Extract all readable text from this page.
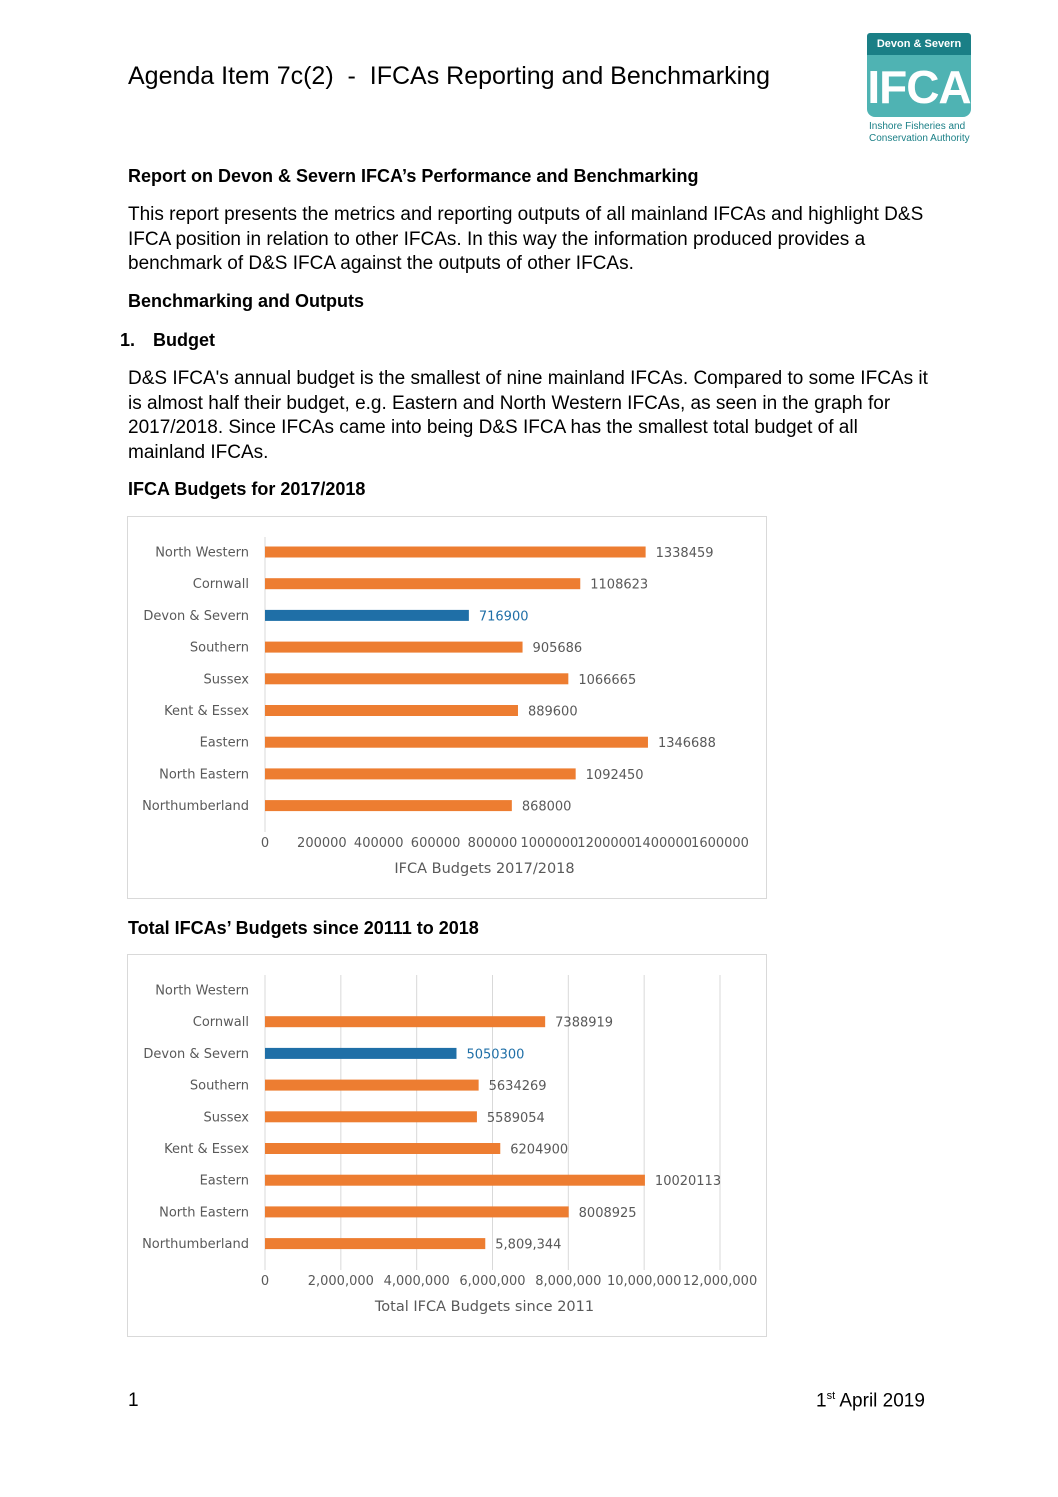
Agenda Item 7c(2)  -  IFCAs Reporting and Benchmarking
Devon & Severn
IFCA
Inshore Fisheries and
Conservation Authority
Report on Devon & Severn IFCA’s Performance and Benchmarking
This report presents the metrics and reporting outputs of all mainland IFCAs and highlight D&S IFCA position in relation to other IFCAs. In this way the information produced provides a benchmark of D&S IFCA against the outputs of other IFCAs.
Benchmarking and Outputs
1. Budget
D&S IFCA's annual budget is the smallest of nine mainland IFCAs. Compared to some IFCAs it is almost half their budget, e.g. Eastern and North Western IFCAs, as seen in the graph for 2017/2018. Since IFCAs came into being D&S IFCA has the smallest total budget of all mainland IFCAs.
IFCA Budgets for 2017/2018
North Western	1338459
Cornwall	1108623
Devon & Severn	716900
Southern	905686
Sussex	1066665
Kent & Essex	889600
Eastern	1346688
North Eastern	1092450
Northumberland	868000
0 200000 400000 600000 800000 1000000
1200000
1400000
1600000
IFCA Budgets 2017/2018
Total IFCAs’ Budgets since 20111 to 2018
North Western
Cornwall	7388919
Devon & Severn	5050300
Southern	5634269
Sussex	5589054
Kent & Essex	6204900
Eastern	10020113
North Eastern	8008925
Northumberland	5,809,344
0	2,000,000 4,000,000 6,000,000 8,000,000 10,000,000 12,000,000
Total IFCA Budgets since 2011
1	1st April 2019
